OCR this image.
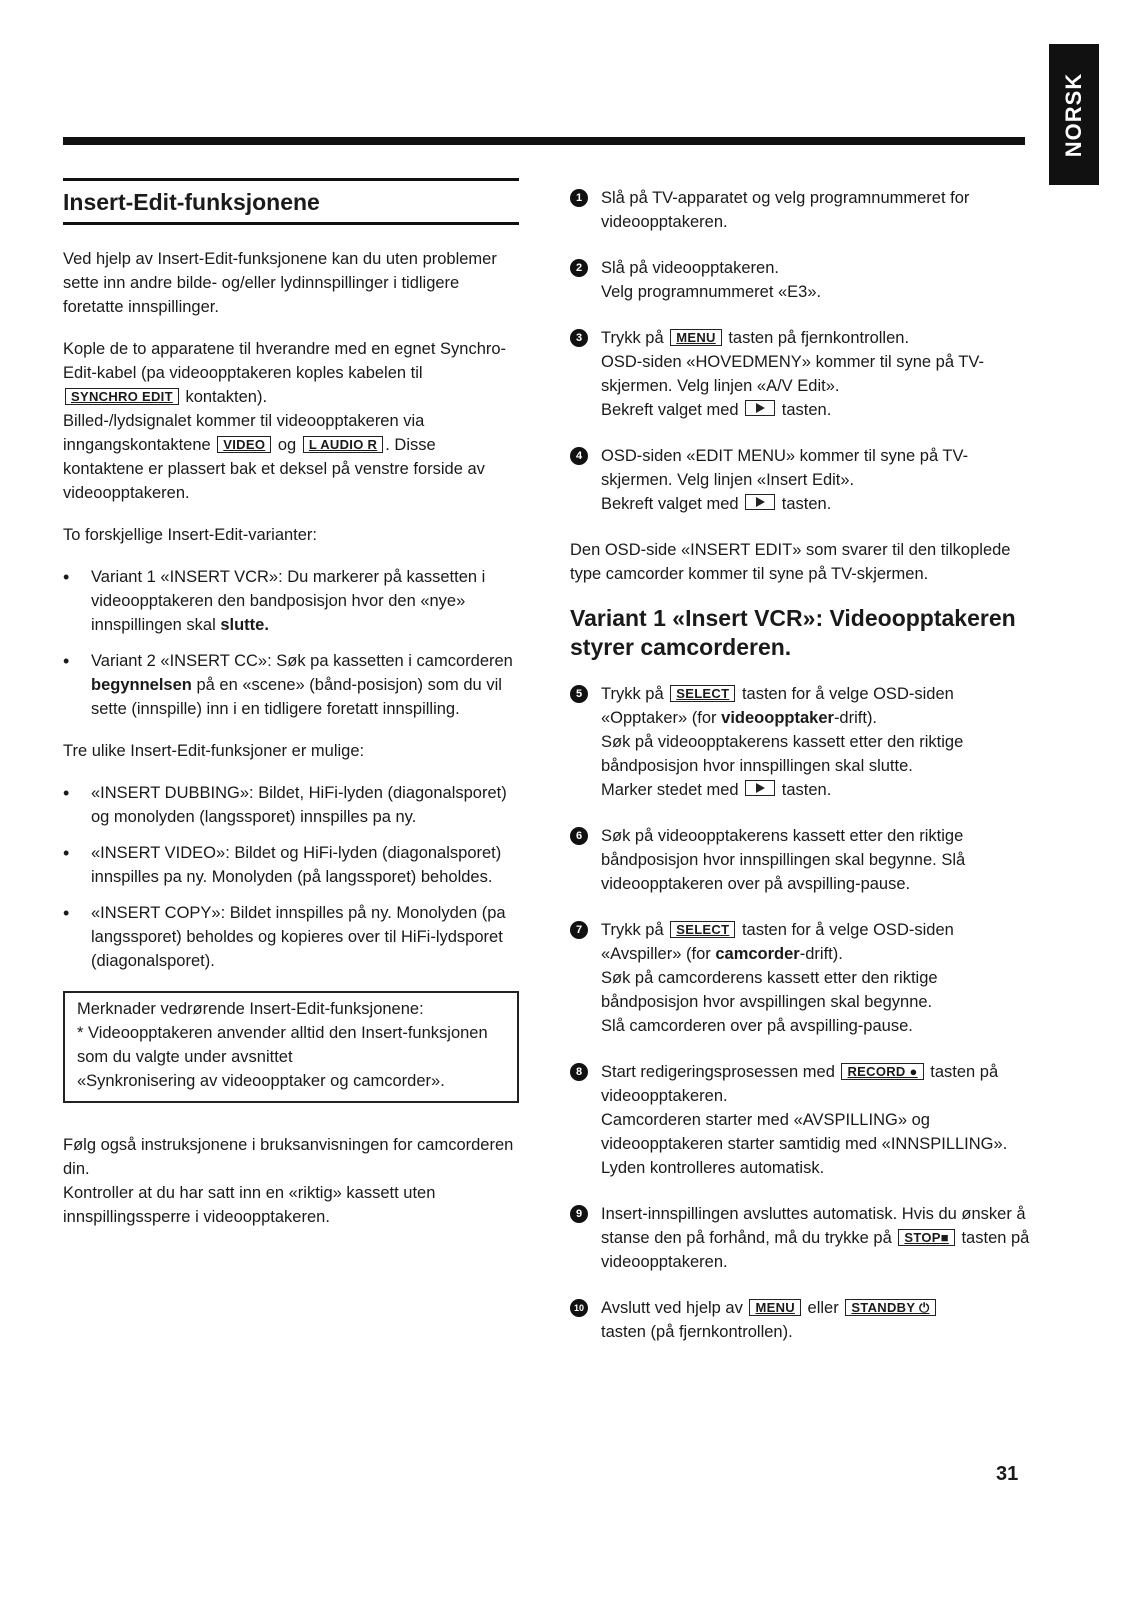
NORSK
Insert-Edit-funksjonene

Ved hjelp av Insert-Edit-funksjonene kan du uten problemer sette inn andre bilde- og/eller lydinnspillinger i tidligere foretatte innspillinger.

Kople de to apparatene til hverandre med en egnet Synchro-Edit-kabel (pa videoopptakeren koples kabelen til SYNCHRO EDIT kontakten).
Billed-/lydsignalet kommer til videoopptakeren via inngangskontaktene VIDEO og L AUDIO R . Disse kontaktene er plassert bak et deksel på venstre forside av videoopptakeren.

To forskjellige Insert-Edit-varianter:

• Variant 1 «INSERT VCR»: Du markerer på kassetten i videoopptakeren den bandposisjon hvor den «nye» innspillingen skal slutte.
• Variant 2 «INSERT CC»: Søk pa kassetten i camcorderen begynnelsen på en «scene» (bånd-posisjon) som du vil sette (innspille) inn i en tidligere foretatt innspilling.

Tre ulike Insert-Edit-funksjoner er mulige:

• «INSERT DUBBING»: Bildet, HiFi-lyden (diagonalsporet) og monolyden (langssporet) innspilles pa ny.
• «INSERT VIDEO»: Bildet og HiFi-lyden (diagonalsporet) innspilles pa ny. Monolyden (på langssporet) beholdes.
• «INSERT COPY»: Bildet innspilles på ny. Monolyden (pa langssporet) beholdes og kopieres over til HiFi-lydsporet (diagonalsporet).

Merknader vedrørende Insert-Edit-funksjonene:

* Videoopptakeren anvender alltid den Insert-funksjonen som du valgte under avsnittet

«Synkronisering av videoopptaker og camcorder».

Følg også instruksjonene i bruksanvisningen for camcorderen din.
Kontroller at du har satt inn en «riktig» kassett uten innspillingssperre i videoopptakeren.

1	Slå på TV-apparatet og velg programnummeret for videoopptakeren.
2	Slå på videoopptakeren.
Velg programnummeret «E3».
3	Trykk på MENU tasten på fjernkontrollen.
OSD-siden «HOVEDMENY» kommer til syne på TV-skjermen. Velg linjen «A/V Edit».
Bekreft valget med	tasten.
4	OSD-siden «EDIT MENU» kommer til syne på TV-skjermen. Velg linjen «Insert Edit».
Bekreft valget med	tasten.

Den OSD-side «INSERT EDIT» som svarer til den tilkoplede type camcorder kommer til syne på TV-skjermen.

Variant 1 «Insert VCR»: Videoopptakeren styrer camcorderen.
5	Trykk på SELECT tasten for å velge OSD-siden «Opptaker» (for videoopptaker-drift).
Søk på videoopptakerens kassett etter den riktige båndposisjon hvor innspillingen skal slutte.
Marker stedet med	tasten.
6	Søk på videoopptakerens kassett etter den riktige båndposisjon hvor innspillingen skal begynne. Slå videoopptakeren over på avspilling-pause.
7	Trykk på SELECT tasten for å velge OSD-siden «Avspiller» (for camcorder-drift).
Søk på camcorderens kassett etter den riktige båndposisjon hvor avspillingen skal begynne.
Slå camcorderen over på avspilling-pause.
8	Start redigeringsprosessen med RECORD ● tasten på videoopptakeren.
Camcorderen starter med «AVSPILLING» og videoopptakeren starter samtidig med «INNSPILLING». Lyden kontrolleres automatisk.
9	Insert-innspillingen avsluttes automatisk. Hvis du ønsker å stanse den på forhånd, må du trykke på STOP■ tasten på videoopptakeren.
10 Avslutt ved hjelp av MENU eller STANDBY ⏻
tasten (på fjernkontrollen).
31
